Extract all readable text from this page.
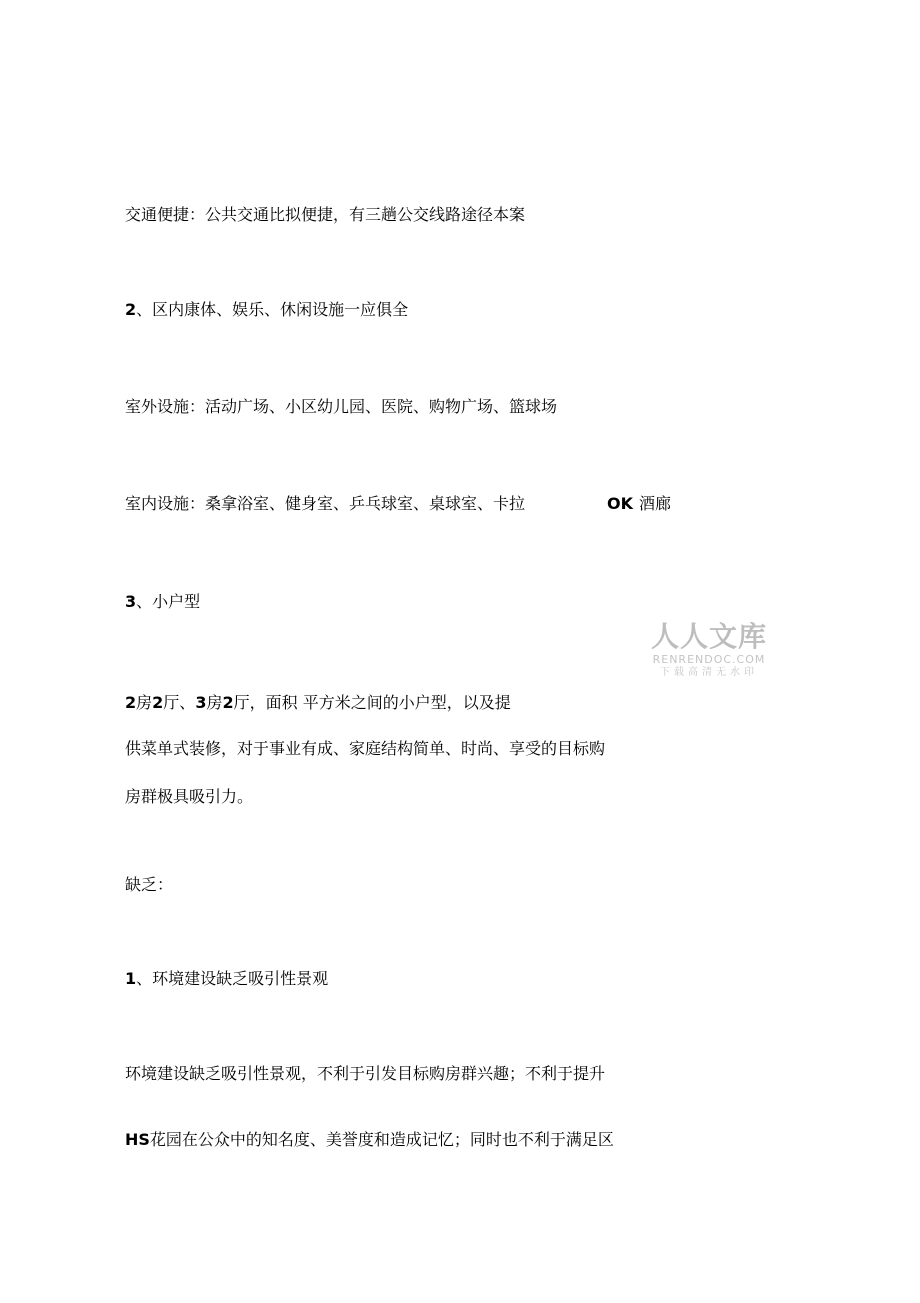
交通便捷：公共交通比拟便捷，有三趟公交线路途径本案
2、区内康体、娱乐、休闲设施一应俱全
室外设施：活动广场、小区幼儿园、医院、购物广场、篮球场
室内设施：桑拿浴室、健身室、乒乓球室、桌球室、卡拉	OK 酒廊
3、小户型
2房2厅、3房2厅，面积 平方米之间的小户型，以及提
供菜单式装修，对于事业有成、家庭结构简单、时尚、享受的目标购
房群极具吸引力。
缺乏：
1、环境建设缺乏吸引性景观
环境建设缺乏吸引性景观，不利于引发目标购房群兴趣；不利于提升
HS花园在公众中的知名度、美誉度和造成记忆；同时也不利于满足区
人人文库
RENRENDOC.COM
下载高清无水印
